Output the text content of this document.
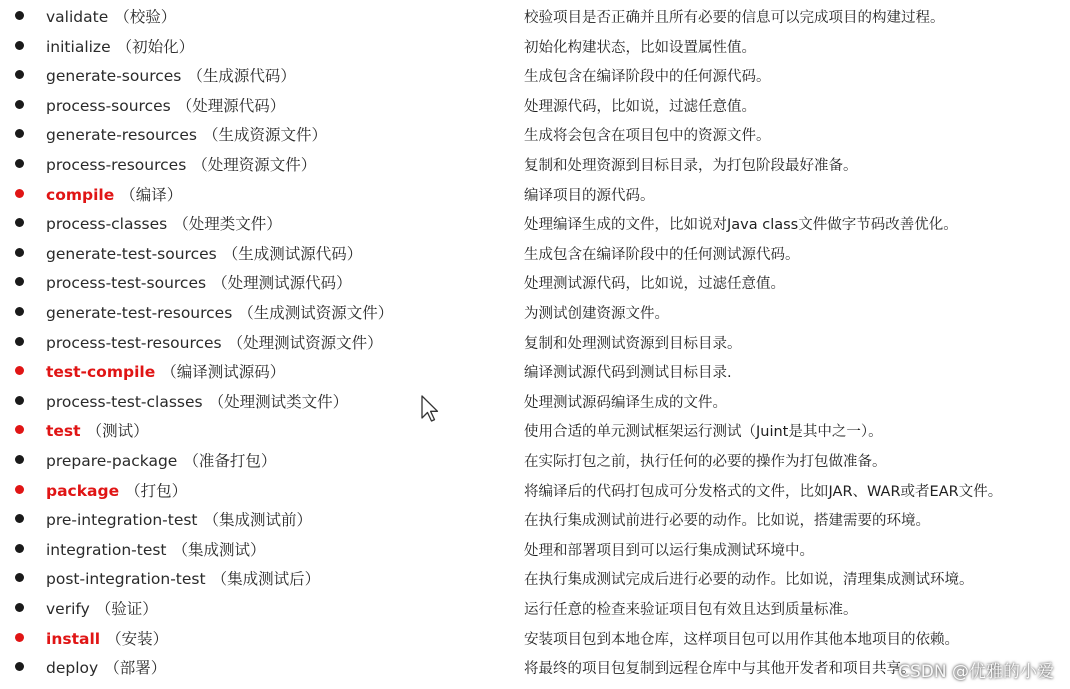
validate （校验）	校验项目是否正确并且所有必要的信息可以完成项目的构建过程。
initialize （初始化）	初始化构建状态，比如设置属性值。
generate-sources （生成源代码）	生成包含在编译阶段中的任何源代码。
process-sources （处理源代码）	处理源代码，比如说，过滤任意值。
generate-resources （生成资源文件）	生成将会包含在项目包中的资源文件。
process-resources （处理资源文件）	复制和处理资源到目标目录，为打包阶段最好准备。
compile （编译）	编译项目的源代码。
process-classes （处理类文件）	处理编译生成的文件，比如说对Java class文件做字节码改善优化。
generate-test-sources （生成测试源代码）	生成包含在编译阶段中的任何测试源代码。
process-test-sources （处理测试源代码）	处理测试源代码，比如说，过滤任意值。
generate-test-resources （生成测试资源文件）	为测试创建资源文件。
process-test-resources （处理测试资源文件）	复制和处理测试资源到目标目录。
test-compile （编译测试源码）	编译测试源代码到测试目标目录.
process-test-classes （处理测试类文件）	处理测试源码编译生成的文件。
test （测试）	使用合适的单元测试框架运行测试（Juint是其中之一）。
prepare-package （准备打包）	在实际打包之前，执行任何的必要的操作为打包做准备。
package （打包）	将编译后的代码打包成可分发格式的文件，比如JAR、WAR或者EAR文件。
pre-integration-test （集成测试前）	在执行集成测试前进行必要的动作。比如说，搭建需要的环境。
integration-test （集成测试）	处理和部署项目到可以运行集成测试环境中。
post-integration-test （集成测试后）	在执行集成测试完成后进行必要的动作。比如说，清理集成测试环境。
verify （验证）	运行任意的检查来验证项目包有效且达到质量标准。
install （安装）	安装项目包到本地仓库，这样项目包可以用作其他本地项目的依赖。
deploy （部署）	将最终的项目包复制到远程仓库中与其他开发者和项目共享。
CSDN @优雅的小爱
